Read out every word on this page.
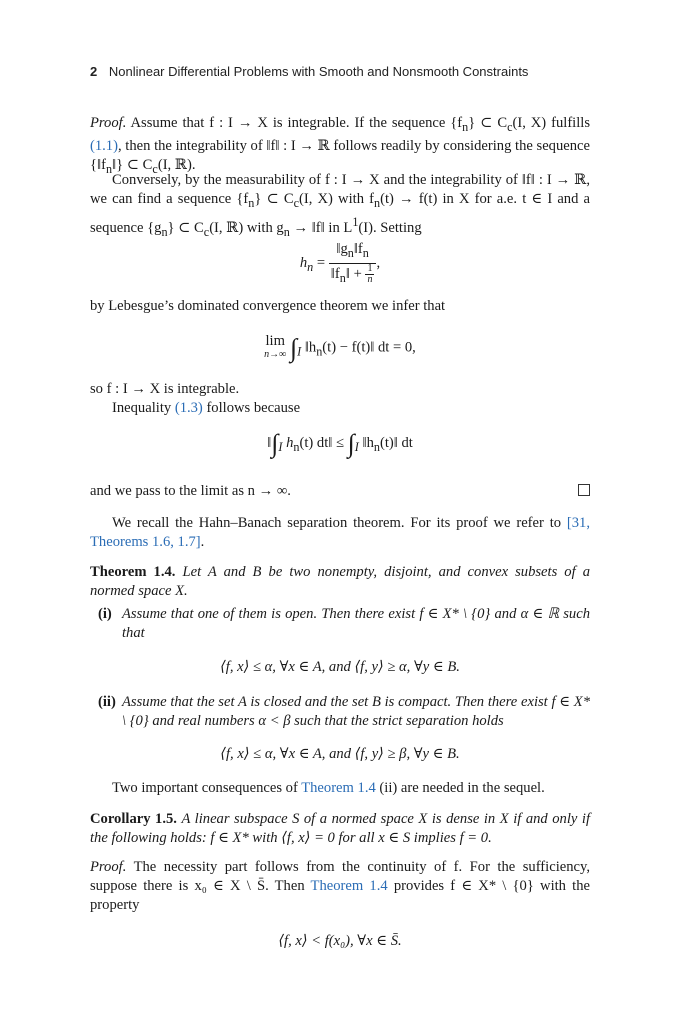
2 Nonlinear Differential Problems with Smooth and Nonsmooth Constraints
Proof. Assume that f : I → X is integrable. If the sequence $\{f_n\}$ ⊂ $C_c(I$, X) fulfills (1.1), then the integrability of ‖f‖ : I → ℝ follows readily by considering the sequence $\{‖f_n‖\}$ ⊂ $C_c(I$, ℝ).
Conversely, by the measurability of f : I → X and the integrability of ‖f‖ : I → ℝ, we can find a sequence $\{f_n\}$ ⊂ $C_c(I$, X) with $f_n(t) \to f(t)$ in X for a.e. t ∈ I and a sequence $\{g_n\}$ ⊂ $C_c(I$, ℝ) with $g_n$ → ‖f‖ in $L^1(I)$. Setting
$h_n = \frac{‖g_n‖f_n}{‖f_n‖ + \frac{1}{n}}$ ,
by Lebesgue’s dominated convergence theorem we infer that
lim
n→∞ $\int_I$ $‖h_n(t)$ − f(t)‖ dt = 0,
so f : I → X is integrable.
Inequality (1.3) follows because
$‖\int_I$ $h_n(t)$ dt‖ ≤ $\int_I$ $‖h_n(t)‖$ dt
and we pass to the limit as n → ∞.
We recall the Hahn–Banach separation theorem. For its proof we refer to [31, Theorems 1.6, 1.7].
Theorem 1.4. Let A and B be two nonempty, disjoint, and convex subsets of a normed space X.
(i) Assume that one of them is open. Then there exist f ∈ X* \ {0} and α ∈ ℝ such that
⟨f, x⟩ ≤ α, ∀x ∈ A, and ⟨f, y⟩ ≥ α, ∀y ∈ B.
(ii) Assume that the set A is closed and the set B is compact. Then there exist f ∈ X* \ {0} and real numbers α < β such that the strict separation holds
⟨f, x⟩ ≤ α, ∀x ∈ A, and ⟨f, y⟩ ≥ β, ∀y ∈ B.
Two important consequences of Theorem 1.4 (ii) are needed in the sequel.
Corollary 1.5. A linear subspace S of a normed space X is dense in X if and only if the following holds: f ∈ X* with ⟨f, x⟩ = 0 for all x ∈ S implies f = 0.
Proof. The necessity part follows from the continuity of f. For the sufficiency, suppose there is x₀ ∈ X \ S̄. Then Theorem 1.4 provides f ∈ X* \ {0} with the property
⟨f, x⟩ < f(x₀), ∀x ∈ S̄.
